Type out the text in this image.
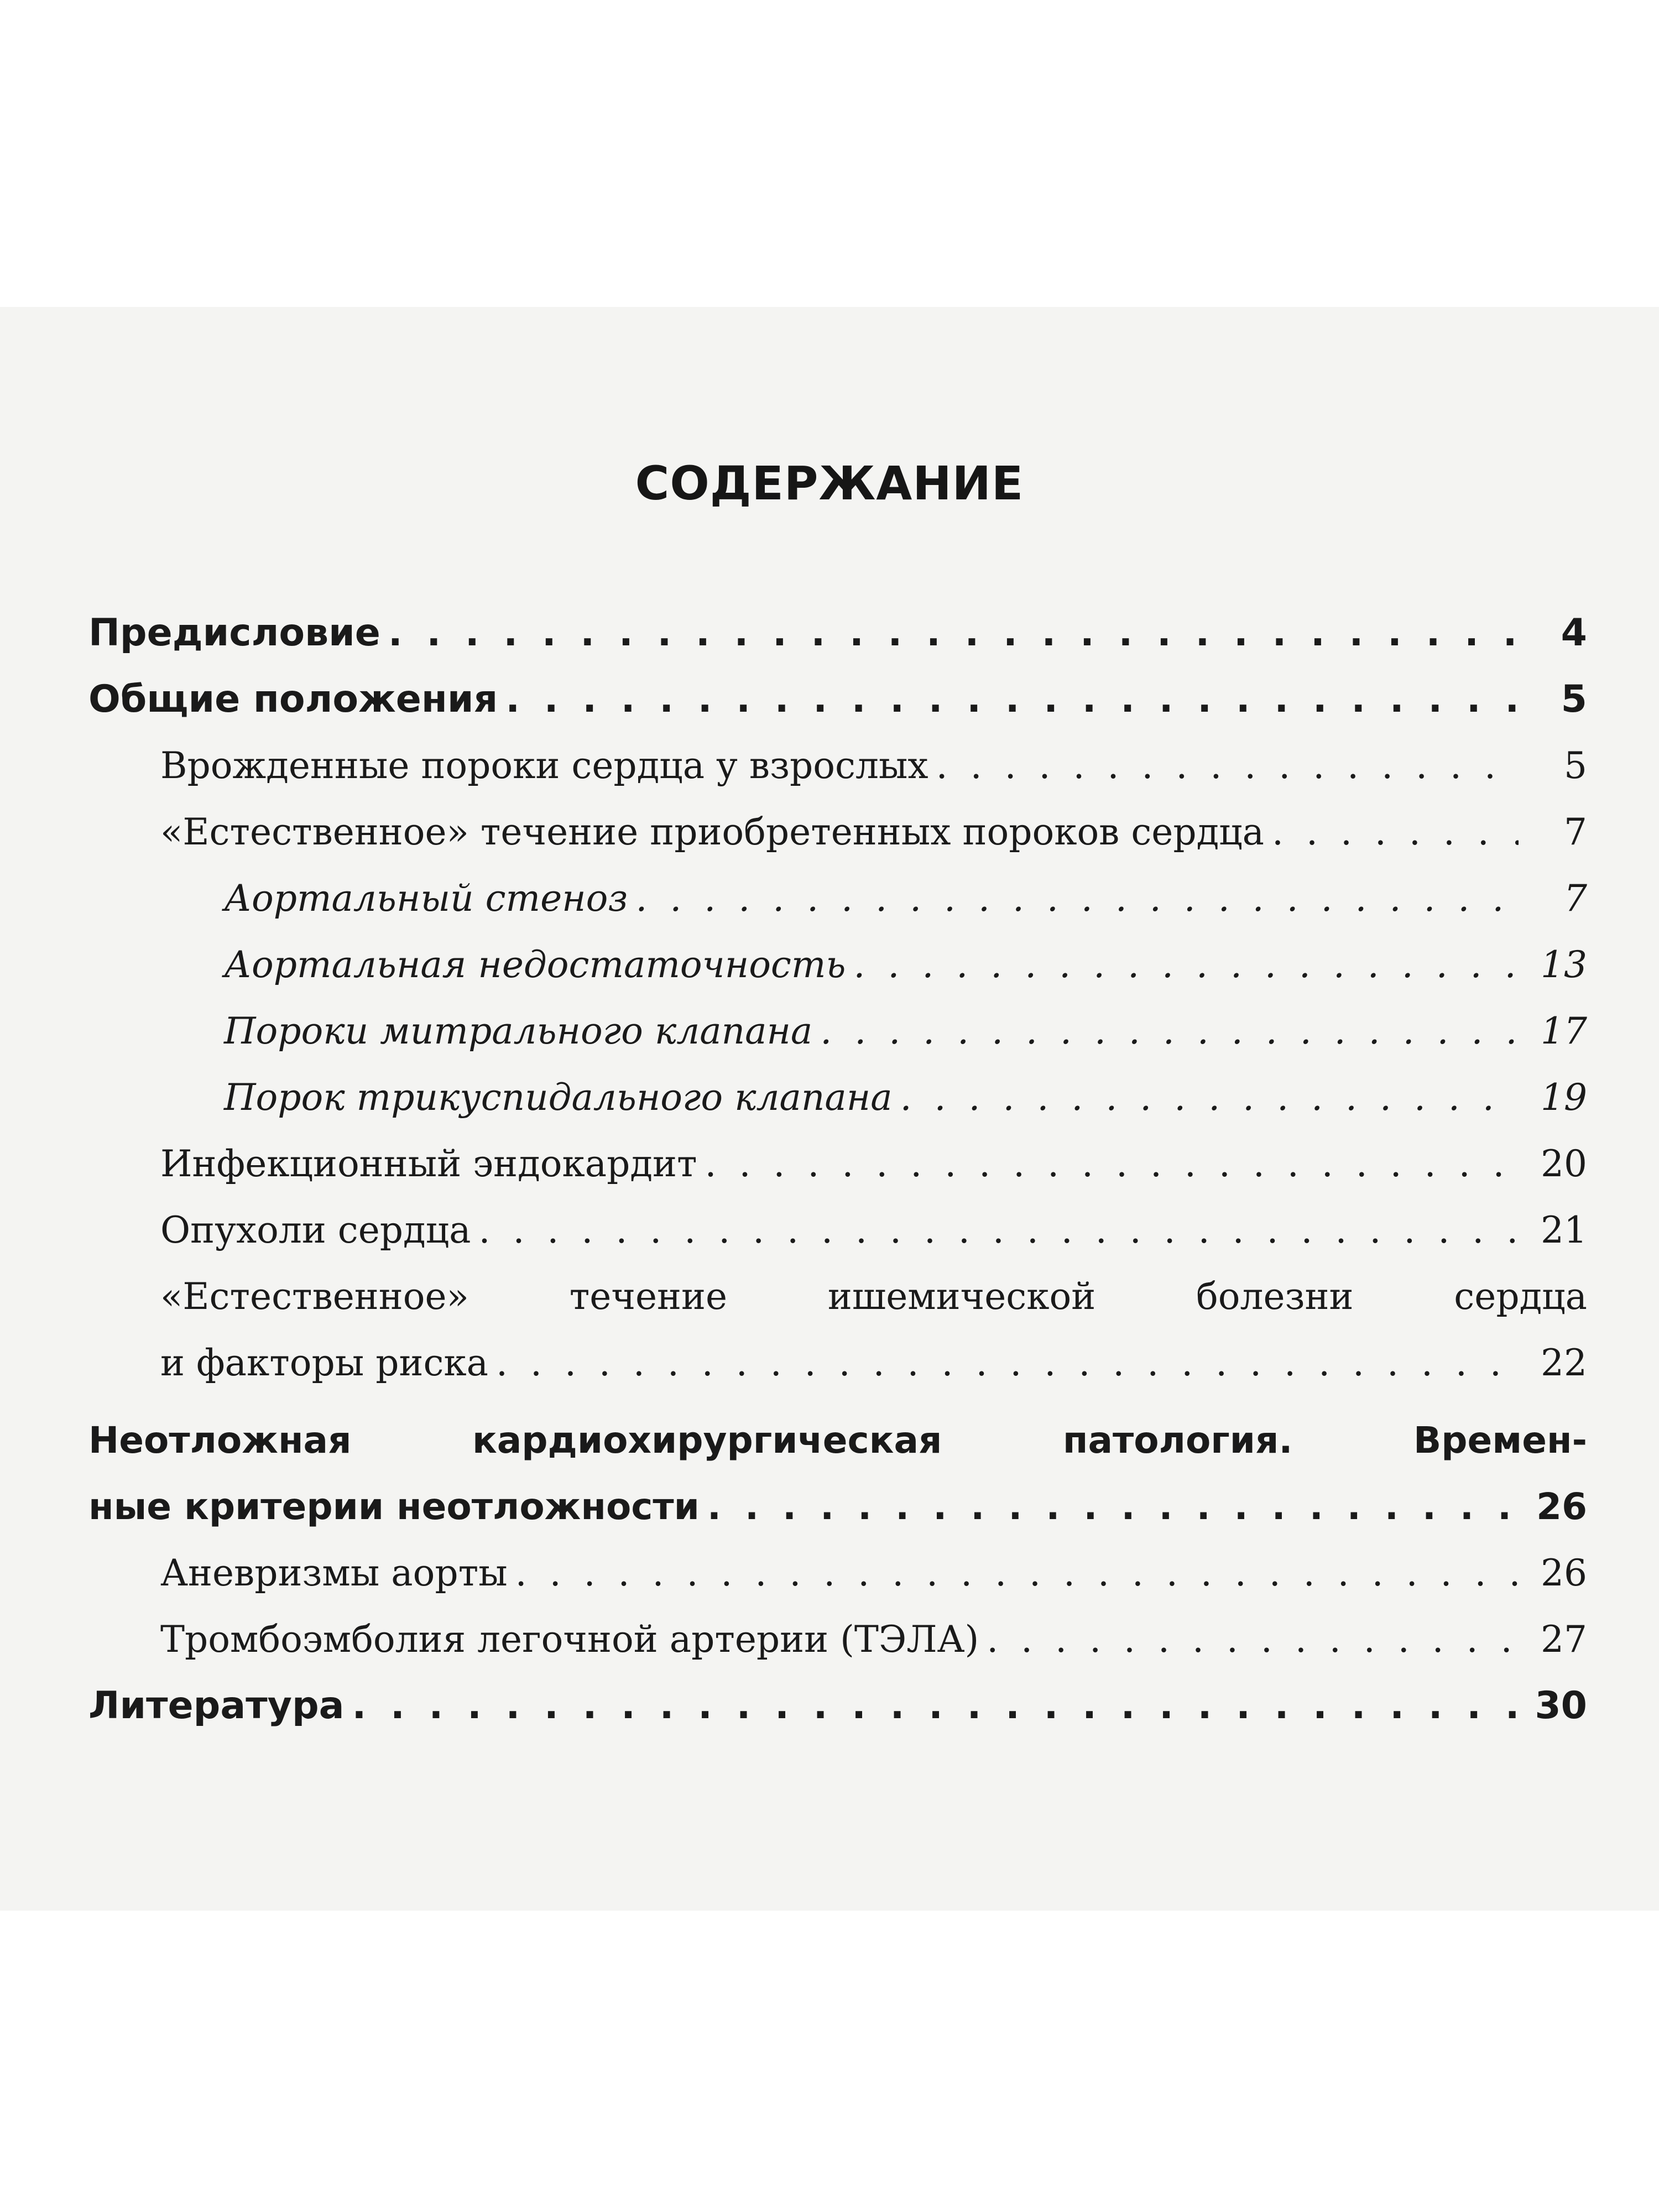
СОДЕРЖАНИЕ
Предисловие . . .	4
Общие положения . . .	5
Врожденные пороки сердца у взрослых . . .	5
«Естественное» течение приобретенных пороков сердца . . .	7
Аортальный стеноз . . .	7
Аортальная недостаточность . . .	13
Пороки митрального клапана . . .	17
Порок трикуспидального клапана . . .	19
Инфекционный эндокардит . . .	20
Опухоли сердца . . .	21
«Естественное» течение ишемической болезни сердца
и факторы риска . . .	22
Неотложная кардиохирургическая патология. Времен-
ные критерии неотложности . . .	26
Аневризмы аорты . . .	26
Тромбоэмболия легочной артерии (ТЭЛА) . . .	27
Литература . . .	30
